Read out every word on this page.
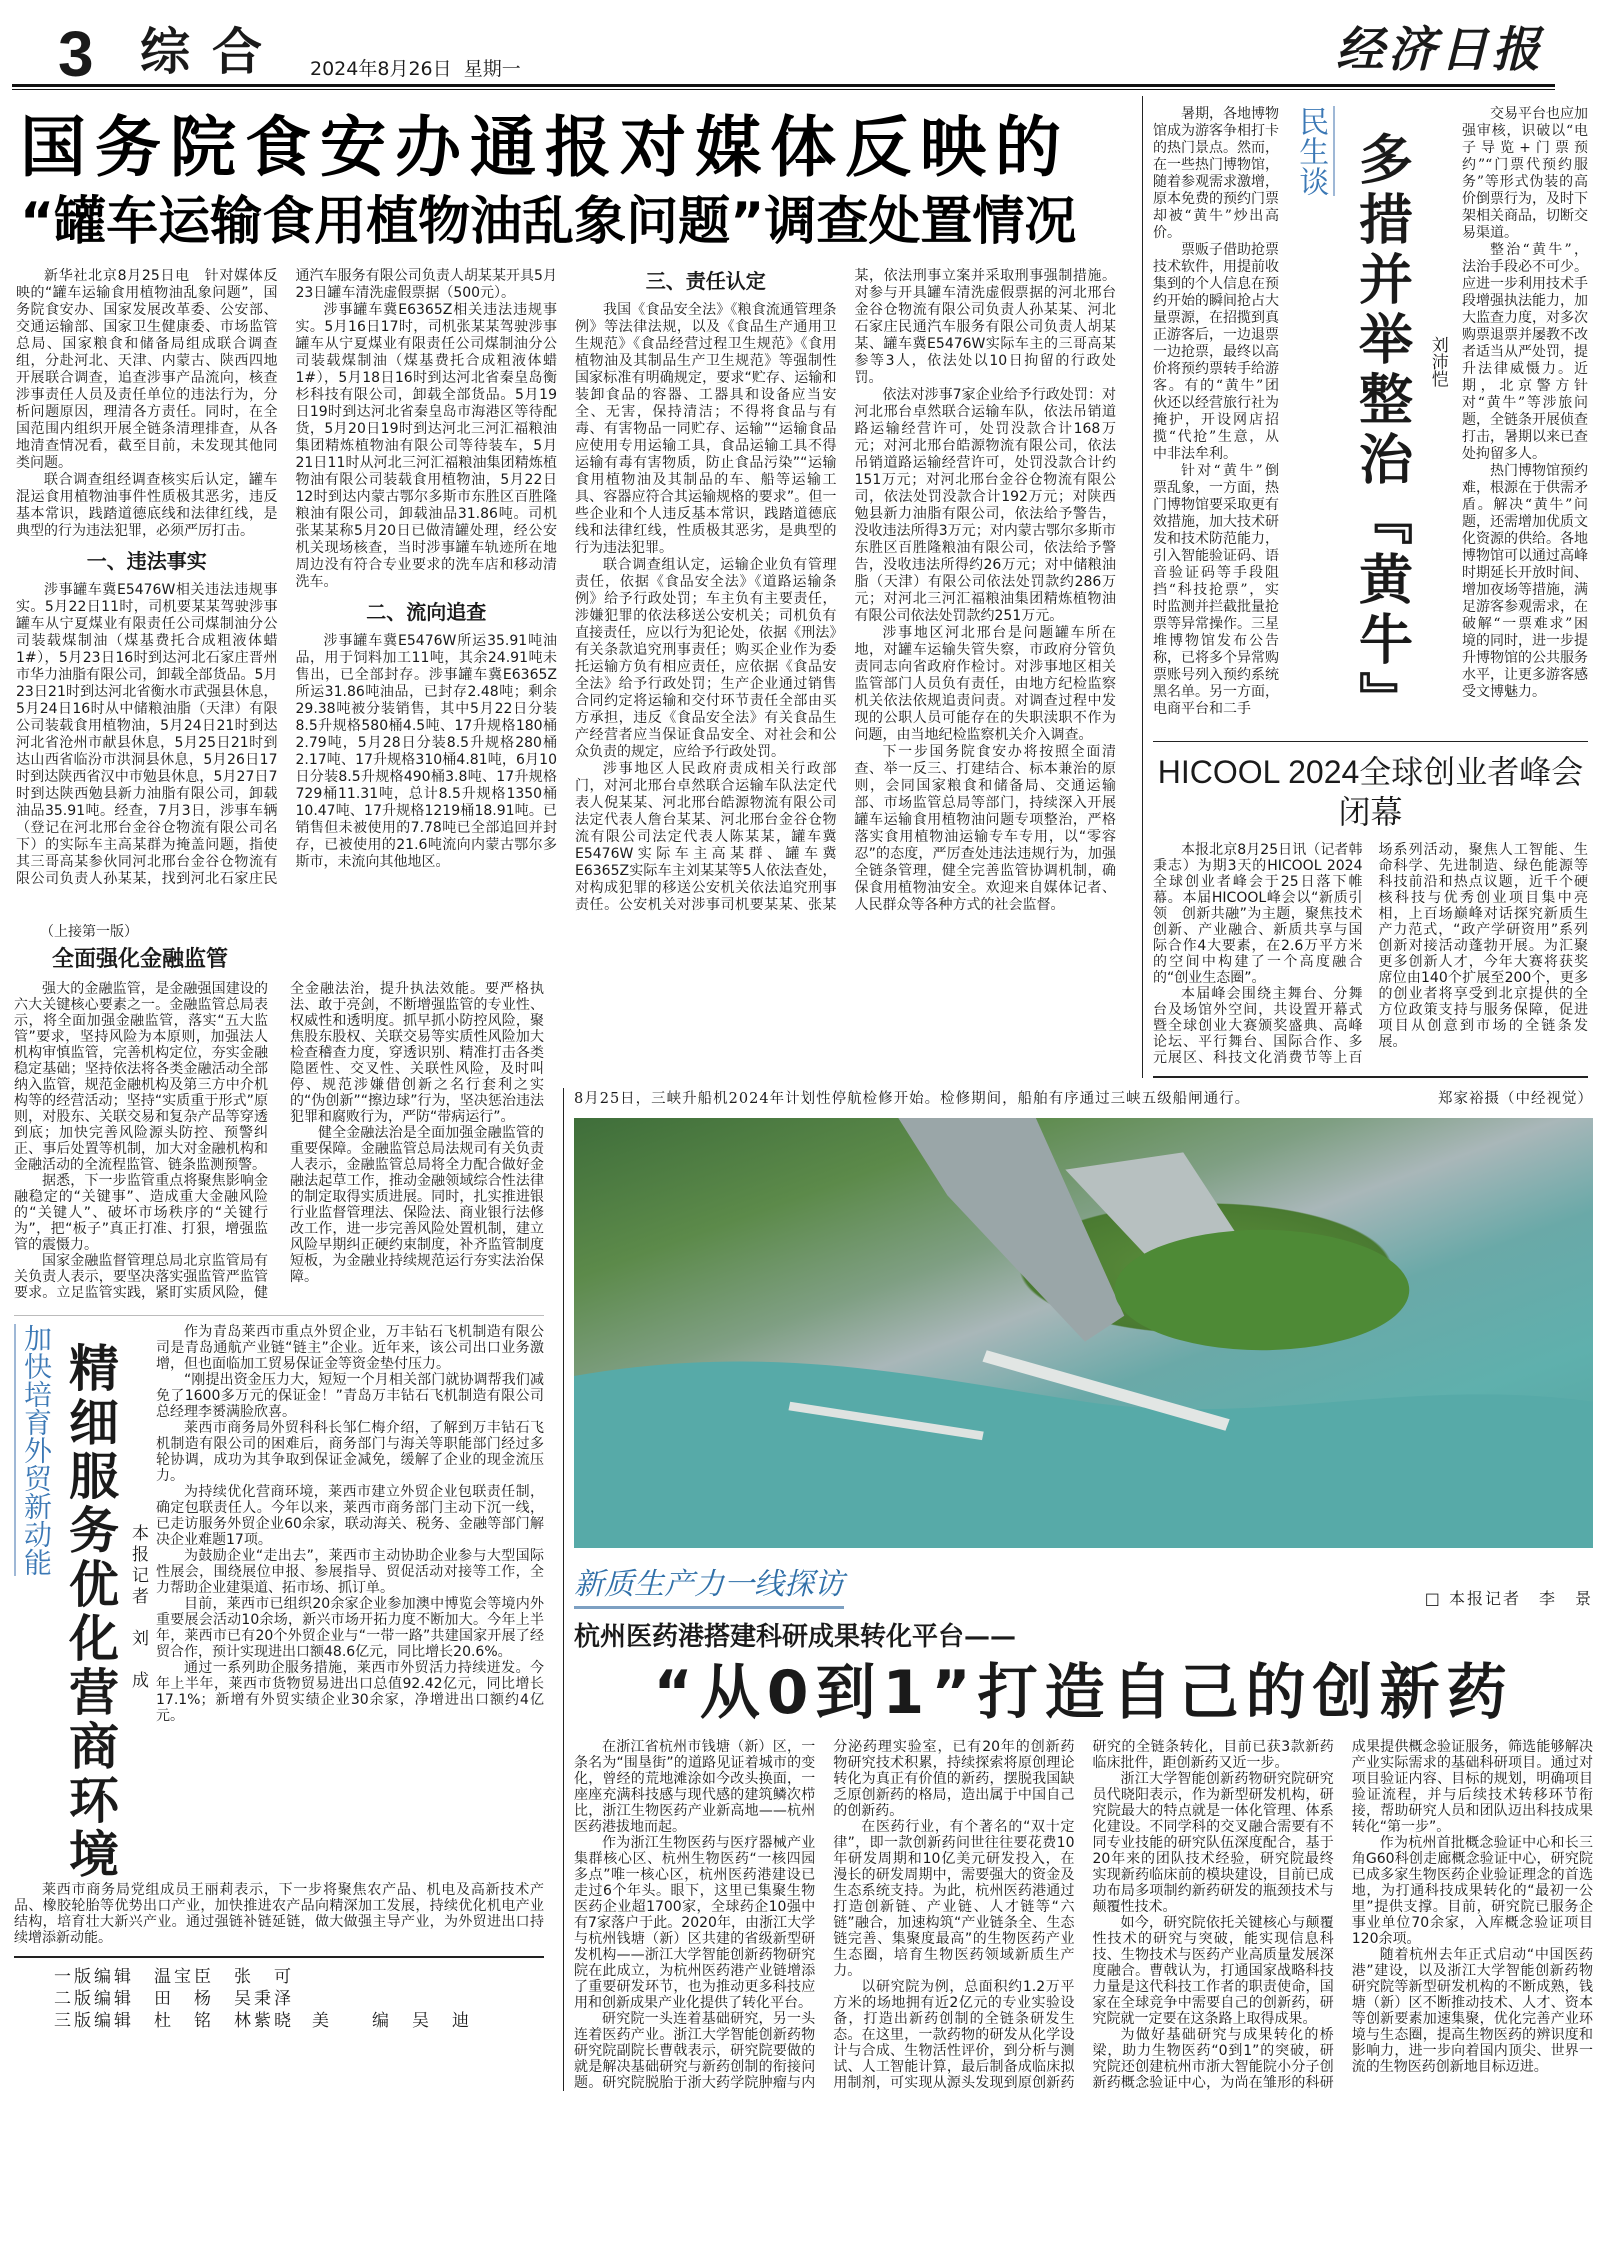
3 综合 2024年8月26日 星期一	经济日报
国务院食安办通报对媒体反映的
“罐车运输食用植物油乱象问题”调查处置情况

新华社北京8月25日电　针对媒体反映的“罐车运输食用植物油乱象问题”，国务院食安办、国家发展改革委、公安部、交通运输部、国家卫生健康委、市场监管总局、国家粮食和储备局组成联合调查组，分赴河北、天津、内蒙古、陕西四地开展联合调查，追查涉事产品流向，核查涉事责任人员及责任单位的违法行为，分析问题原因，理清各方责任。同时，在全国范围内组织开展全链条清理排查，从各地清查情况看，截至目前，未发现其他同类问题。

联合调查组经调查核实后认定，罐车混运食用植物油事件性质极其恶劣，违反基本常识，践踏道德底线和法律红线，是典型的行为违法犯罪，必须严厉打击。

一、违法事实

涉事罐车冀E5476W相关违法违规事实。5月22日11时，司机要某某驾驶涉事罐车从宁夏煤业有限责任公司煤制油分公司装载煤制油（煤基费托合成粗液体蜡1#），5月23日16时到达河北石家庄晋州市华力油脂有限公司，卸载全部货品。5月23日21时到达河北省衡水市武强县休息，5月24日16时从中储粮油脂（天津）有限公司装载食用植物油，5月24日21时到达河北省沧州市献县休息，5月25日21时到达山西省临汾市洪洞县休息，5月26日17时到达陕西省汉中市勉县休息，5月27日7时到达陕西勉县新力油脂有限公司，卸载油品35.91吨。经查，7月3日，涉事车辆（登记在河北邢台金谷仓物流有限公司名下）的实际车主高某群为掩盖问题，指使其三哥高某参伙同河北邢台金谷仓物流有限公司负责人孙某某，找到河北石家庄民通汽车服务有限公司负责人胡某某开具5月23日罐车清洗虚假票据（500元）。

涉事罐车冀E6365Z相关违法违规事实。5月16日17时，司机张某某驾驶涉事罐车从宁夏煤业有限责任公司煤制油分公司装载煤制油（煤基费托合成粗液体蜡1#），5月18日16时到达河北省秦皇岛衡杉科技有限公司，卸载全部货品。5月19日19时到达河北省秦皇岛市海港区等待配货，5月20日19时到达河北三河汇福粮油集团精炼植物油有限公司等待装车，5月21日11时从河北三河汇福粮油集团精炼植物油有限公司装载食用植物油，5月22日12时到达内蒙古鄂尔多斯市东胜区百胜隆粮油有限公司，卸载油品31.86吨。司机张某某称5月20日已做清罐处理，经公安机关现场核查，当时涉事罐车轨迹所在地周边没有符合专业要求的洗车店和移动清洗车。

二、流向追查

涉事罐车冀E5476W所运35.91吨油品，用于饲料加工11吨，其余24.91吨未售出，已全部封存。涉事罐车冀E6365Z所运31.86吨油品，已封存2.48吨；剩余29.38吨被分装销售，其中5月22日分装8.5升规格580桶4.5吨、17升规格180桶2.79吨，5月28日分装8.5升规格280桶2.17吨、17升规格310桶4.81吨，6月10日分装8.5升规格490桶3.8吨、17升规格729桶11.31吨，总计8.5升规格1350桶10.47吨、17升规格1219桶18.91吨。已销售但未被使用的7.78吨已全部追回并封存，已被使用的21.6吨流向内蒙古鄂尔多斯市，未流向其他地区。

三、责任认定

我国《食品安全法》《粮食流通管理条例》等法律法规，以及《食品生产通用卫生规范》《食品经营过程卫生规范》《食用植物油及其制品生产卫生规范》等强制性国家标准有明确规定，要求“贮存、运输和装卸食品的容器、工器具和设备应当安全、无害，保持清洁；不得将食品与有毒、有害物品一同贮存、运输”“运输食品应使用专用运输工具，食品运输工具不得运输有毒有害物质，防止食品污染”“运输食用植物油及其制品的车、船等运输工具、容器应符合其运输规格的要求”。但一些企业和个人违反基本常识，践踏道德底线和法律红线，性质极其恶劣，是典型的行为违法犯罪。

联合调查组认定，运输企业负有管理责任，依据《食品安全法》《道路运输条例》给予行政处罚；车主负有主要责任，涉嫌犯罪的依法移送公安机关；司机负有直接责任，应以行为犯论处，依据《刑法》有关条款追究刑事责任；购买企业作为委托运输方负有相应责任，应依据《食品安全法》给予行政处罚；生产企业通过销售合同约定将运输和交付环节责任全部由买方承担，违反《食品安全法》有关食品生产经营者应当保证食品安全、对社会和公众负责的规定，应给予行政处罚。

涉事地区人民政府责成相关行政部门，对河北邢台卓然联合运输车队法定代表人倪某某、河北邢台皓源物流有限公司法定代表人詹台某某、河北邢台金谷仓物流有限公司法定代表人陈某某，罐车冀E5476W实际车主高某群、罐车冀E6365Z实际车主刘某某等5人依法查处，对构成犯罪的移送公安机关依法追究刑事责任。公安机关对涉事司机要某某、张某某，依法刑事立案并采取刑事强制措施。对参与开具罐车清洗虚假票据的河北邢台金谷仓物流有限公司负责人孙某某、河北石家庄民通汽车服务有限公司负责人胡某某、罐车冀E5476W实际车主的三哥高某参等3人，依法处以10日拘留的行政处罚。

依法对涉事7家企业给予行政处罚：对河北邢台卓然联合运输车队，依法吊销道路运输经营许可，处罚没款合计168万元；对河北邢台皓源物流有限公司，依法吊销道路运输经营许可，处罚没款合计约151万元；对河北邢台金谷仓物流有限公司，依法处罚没款合计192万元；对陕西勉县新力油脂有限公司，依法给予警告，没收违法所得3万元；对内蒙古鄂尔多斯市东胜区百胜隆粮油有限公司，依法给予警告，没收违法所得约26万元；对中储粮油脂（天津）有限公司依法处罚款约286万元；对河北三河汇福粮油集团精炼植物油有限公司依法处罚款约251万元。

涉事地区河北邢台是问题罐车所在地，对罐车运输失管失察，市政府分管负责同志向省政府作检讨。对涉事地区相关监管部门人员负有责任，由地方纪检监察机关依法依规追责问责。对调查过程中发现的公职人员可能存在的失职渎职不作为问题，由当地纪检监察机关介入调查。

下一步国务院食安办将按照全面清查、举一反三、打建结合、标本兼治的原则，会同国家粮食和储备局、交通运输部、市场监管总局等部门，持续深入开展罐车运输食用植物油问题专项整治，严格落实食用植物油运输专车专用，以“零容忍”的态度，严厉查处违法违规行为，加强全链条管理，健全完善监管协调机制，确保食用植物油安全。欢迎来自媒体记者、人民群众等各种方式的社会监督。

暑期，各地博物馆成为游客争相打卡的热门景点。然而，在一些热门博物馆，随着参观需求激增，原本免费的预约门票却被“黄牛”炒出高价。

票贩子借助抢票技术软件，用提前收集到的个人信息在预约开始的瞬间抢占大量票源，在招揽到真正游客后，一边退票一边抢票，最终以高价将预约票转手给游客。有的“黄牛”团伙还以经营旅行社为掩护，开设网店招揽“代抢”生意，从中非法牟利。

针对“黄牛”倒票乱象，一方面，热门博物馆要采取更有效措施，加大技术研发和技术防范能力，引入智能验证码、语音验证码等手段阻挡“科技抢票”，实时监测并拦截批量抢票等异常操作。三星堆博物馆发布公告称，已将多个异常购票账号列入预约系统黑名单。另一方面，电商平台和二手

民生谈 多措并举整治『黄牛』 刘沛恺

交易平台也应加强审核，识破以“电子导览+门票预约”“门票代预约服务”等形式伪装的高价倒票行为，及时下架相关商品，切断交易渠道。

整治“黄牛”，法治手段必不可少。应进一步利用技术手段增强执法能力，加大监查力度，对多次购票退票并屡教不改者适当从严处罚，提升法律威慑力。近期，北京警方针对“黄牛”等涉旅问题，全链条开展侦查打击，暑期以来已查处拘留多人。

热门博物馆预约难，根源在于供需矛盾。解决“黄牛”问题，还需增加优质文化资源的供给。各地博物馆可以通过高峰时期延长开放时间、增加夜场等措施，满足游客参观需求，在破解“一票难求”困境的同时，进一步提升博物馆的公共服务水平，让更多游客感受文博魅力。

HICOOL 2024全球创业者峰会闭幕

本报北京8月25日讯（记者韩秉志）为期3天的HICOOL 2024全球创业者峰会于25日落下帷幕。本届HICOOL峰会以“新质引领　创新共融”为主题，聚焦技术创新、产业融合、新质共享与国际合作4大要素，在2.6万平方米的空间中构建了一个高度融合的“创业生态圈”。

本届峰会围绕主舞台、分舞台及场馆外空间，共设置开幕式暨全球创业大赛颁奖盛典、高峰论坛、平行舞台、国际合作、多元展区、科技文化消费节等上百场系列活动，聚焦人工智能、生命科学、先进制造、绿色能源等科技前沿和热点议题，近千个硬核科技与优秀创业项目集中亮相，上百场巅峰对话探究新质生产力范式，“政产学研资用”系列创新对接活动蓬勃开展。为汇聚更多创新人才，今年大赛将获奖席位由140个扩展至200个，更多的创业者将享受到北京提供的全方位政策支持与服务保障，促进项目从创意到市场的全链条发展。

（上接第一版）
全面强化金融监管

强大的金融监管，是金融强国建设的六大关键核心要素之一。金融监管总局表示，将全面加强金融监管，落实“五大监管”要求，坚持风险为本原则，加强法人机构审慎监管，完善机构定位，夯实金融稳定基础；坚持依法将各类金融活动全部纳入监管，规范金融机构及第三方中介机构等的经营活动；坚持“实质重于形式”原则，对股东、关联交易和复杂产品等穿透到底；加快完善风险源头防控、预警纠正、事后处置等机制，加大对金融机构和金融活动的全流程监管、链条监测预警。

据悉，下一步监管重点将聚焦影响金融稳定的“关键事”、造成重大金融风险的“关键人”、破坏市场秩序的“关键行为”，把“板子”真正打准、打狠，增强监管的震慑力。

国家金融监督管理总局北京监管局有关负责人表示，要坚决落实强监管严监管要求。立足监管实践，紧盯实质风险，健全金融法治，提升执法效能。要严格执法、敢于亮剑，不断增强监管的专业性、权威性和透明度。抓早抓小防控风险，聚焦股东股权、关联交易等实质性风险加大检查稽查力度，穿透识别、精准打击各类隐匿性、交叉性、关联性风险，及时叫停、规范涉嫌借创新之名行套利之实的“伪创新”“擦边球”行为，坚决惩治违法犯罪和腐败行为，严防“带病运行”。

健全金融法治是全面加强金融监管的重要保障。金融监管总局法规司有关负责人表示，金融监管总局将全力配合做好金融法起草工作，推动金融领域综合性法律的制定取得实质进展。同时，扎实推进银行业监督管理法、保险法、商业银行法修改工作，进一步完善风险处置机制，建立风险早期纠正硬约束制度，补齐监管制度短板，为金融业持续规范运行夯实法治保障。

加快培育外贸新动能 精细服务优化营商环境 本报记者　刘　成

作为青岛莱西市重点外贸企业，万丰钻石飞机制造有限公司是青岛通航产业链“链主”企业。近年来，该公司出口业务激增，但也面临加工贸易保证金等资金垫付压力。

“刚提出资金压力大，短短一个月相关部门就协调帮我们减免了1600多万元的保证金！”青岛万丰钻石飞机制造有限公司总经理李赟满脸欣喜。

莱西市商务局外贸科科长邹仁梅介绍，了解到万丰钻石飞机制造有限公司的困难后，商务部门与海关等职能部门经过多轮协调，成功为其争取到保证金减免，缓解了企业的现金流压力。

为持续优化营商环境，莱西市建立外贸企业包联责任制，确定包联责任人。今年以来，莱西市商务部门主动下沉一线，已走访服务外贸企业60余家，联动海关、税务、金融等部门解决企业难题17项。

为鼓励企业“走出去”，莱西市主动协助企业参与大型国际性展会，围绕展位申报、参展指导、贸促活动对接等工作，全力帮助企业建渠道、拓市场、抓订单。

目前，莱西市已组织20余家企业参加澳中博览会等境内外重要展会活动10余场，新兴市场开拓力度不断加大。今年上半年，莱西市已有20个外贸企业与“一带一路”共建国家开展了经贸合作，预计实现进出口额48.6亿元，同比增长20.6%。

通过一系列助企服务措施，莱西市外贸活力持续迸发。今年上半年，莱西市货物贸易进出口总值92.42亿元，同比增长17.1%；新增有外贸实绩企业30余家，净增进出口额约4亿元。

莱西市商务局党组成员王丽莉表示，下一步将聚焦农产品、机电及高新技术产品、橡胶轮胎等优势出口产业，加快推进农产品向精深加工发展，持续优化机电产业结构，培育壮大新兴产业。通过强链补链延链，做大做强主导产业，为外贸进出口持续增添新动能。

一版编辑　温宝臣　张　可二版编辑　田　杨　吴秉泽
三版编辑　杜　铭　林紫晓 美　　编　吴　迪
8月25日，三峡升船机2024年计划性停航检修开始。检修期间，船舶有序通过三峡五级船闸通行。	郑家裕摄（中经视觉）
新质生产力一线探访	□ 本报记者　李　景
杭州医药港搭建科研成果转化平台——
“从0到1”打造自己的创新药

在浙江省杭州市钱塘（新）区，一条名为“围垦街”的道路见证着城市的变化，曾经的荒地滩涂如今改头换面，一座座充满科技感与现代感的建筑鳞次栉比，浙江生物医药产业新高地——杭州医药港拔地而起。

作为浙江生物医药与医疗器械产业集群核心区、杭州生物医药“一核四园多点”唯一核心区，杭州医药港建设已走过6个年头。眼下，这里已集聚生物医药企业超1700家，全球药企10强中有7家落户于此。2020年，由浙江大学与杭州钱塘（新）区共建的省级新型研发机构——浙江大学智能创新药物研究院在此成立，为杭州医药港产业链增添了重要研发环节，也为推动更多科技应用和创新成果产业化提供了转化平台。

研究院一头连着基础研究，另一头连着医药产业。浙江大学智能创新药物研究院副院长曹戟表示，研究院要做的就是解决基础研究与新药创制的衔接问题。研究院脱胎于浙大药学院肿瘤与内分泌药理实验室，已有20年的创新药物研究技术积累，持续探索将原创理论转化为真正有价值的新药，摆脱我国缺乏原创新药的格局，造出属于中国自己的创新药。

在医药行业，有个著名的“双十定律”，即一款创新药问世往往要花费10年研发周期和10亿美元研发投入，在漫长的研发周期中，需要强大的资金及生态系统支持。为此，杭州医药港通过打造创新链、产业链、人才链等“六链”融合，加速构筑“产业链条全、生态链完善、集聚度最高”的生物医药产业生态圈，培育生物医药领域新质生产力。

以研究院为例，总面积约1.2万平方米的场地拥有近2亿元的专业实验设备，打造出新药创制的全链条研发生态。在这里，一款药物的研发从化学设计与合成、生物活性评价，到分析与测试、人工智能计算，最后制备成临床拟用制剂，可实现从源头发现到原创新药研究的全链条转化，目前已获3款新药临床批件，距创新药又近一步。

浙江大学智能创新药物研究院研究员代晓阳表示，作为新型研发机构，研究院最大的特点就是一体化管理、体系化建设。不同学科的交叉融合需要有不同专业技能的研究队伍深度配合，基于20年来的团队技术经验，研究院最终实现新药临床前的模块建设，目前已成功布局多项制约新药研发的瓶颈技术与颠覆性技术。

如今，研究院依托关键核心与颠覆性技术的研究与突破，能实现信息科技、生物技术与医药产业高质量发展深度融合。曹戟认为，打通国家战略科技力量是这代科技工作者的职责使命，国家在全球竞争中需要自己的创新药，研究院就一定要在这条路上取得成果。

为做好基础研究与成果转化的桥梁，助力生物医药“0到1”的突破，研究院还创建杭州市浙大智能院小分子创新药概念验证中心，为尚在雏形的科研成果提供概念验证服务，筛选能够解决产业实际需求的基础科研项目。通过对项目验证内容、目标的规划，明确项目验证流程，并与后续技术转移环节衔接，帮助研究人员和团队迈出科技成果转化“第一步”。

作为杭州首批概念验证中心和长三角G60科创走廊概念验证中心，研究院已成多家生物医药企业验证理念的首选地，为打通科技成果转化的“最初一公里”提供支撑。目前，研究院已服务企事业单位70余家，入库概念验证项目120余项。

随着杭州去年正式启动“中国医药港”建设，以及浙江大学智能创新药物研究院等新型研发机构的不断成熟，钱塘（新）区不断推动技术、人才、资本等创新要素加速集聚，优化完善产业环境与生态圈，提高生物医药的辨识度和影响力，进一步向着国内顶尖、世界一流的生物医药创新地目标迈进。
